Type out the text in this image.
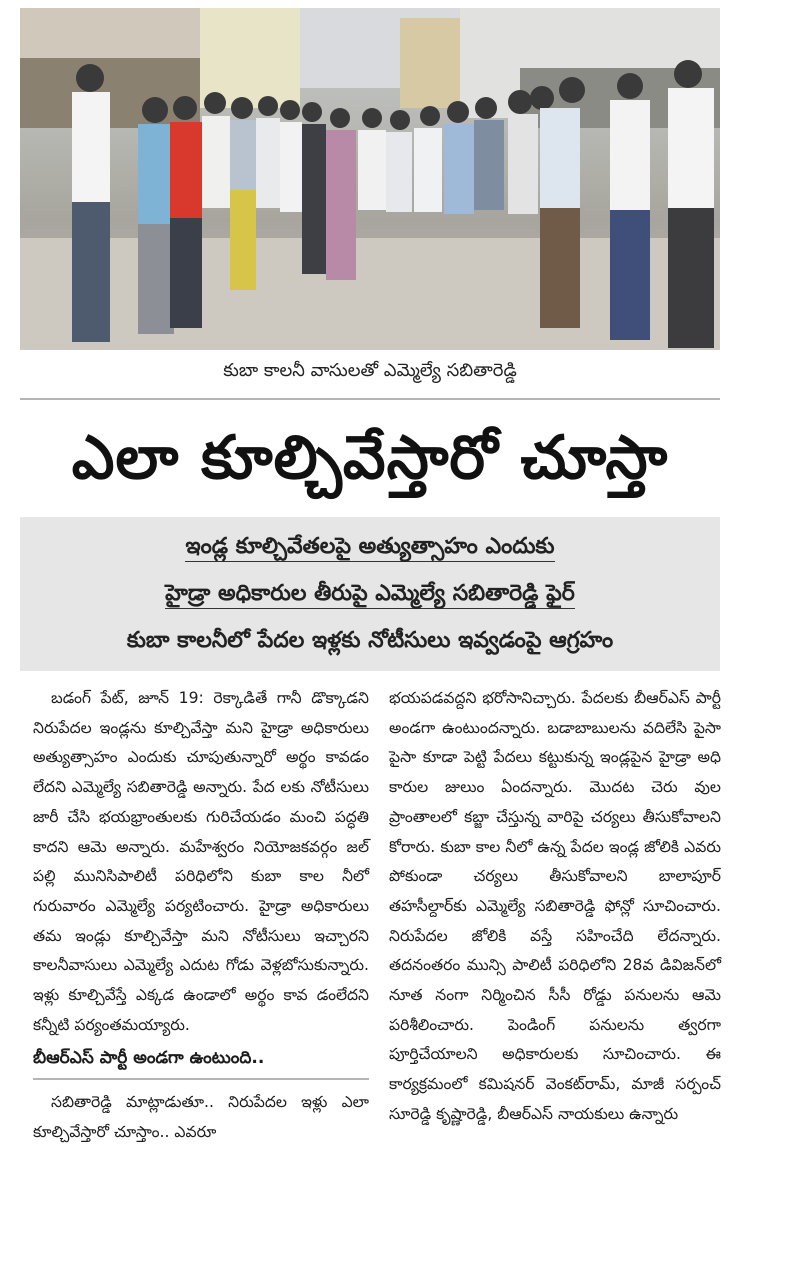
కుబా కాలనీ వాసులతో ఎమ్మెల్యే సబితారెడ్డి
ఎలా కూల్చివేస్తారో చూస్తా
ఇండ్ల కూల్చివేతలపై అత్యుత్సాహం ఎందుకు
హైడ్రా అధికారుల తీరుపై ఎమ్మెల్యే సబితారెడ్డి ఫైర్
కుబా కాలనీలో పేదల ఇళ్లకు నోటీసులు ఇవ్వడంపై ఆగ్రహం

బడంగ్ పేట్, జూన్ 19: రెక్కాడితే గానీ డొక్కాడని నిరుపేదల ఇండ్లను కూల్చివేస్తా మని హైడ్రా అధికారులు అత్యుత్సాహం ఎందుకు చూపుతున్నారో అర్థం కావడం లేదని ఎమ్మెల్యే సబితారెడ్డి అన్నారు. పేద లకు నోటీసులు జారీ చేసి భయభ్రాంతులకు గురిచేయడం మంచి పద్ధతి కాదని ఆమె అన్నారు. మహేశ్వరం నియోజకవర్గం జల్ పల్లి మునిసిపాలిటీ పరిధిలోని కుబా కాల నీలో గురువారం ఎమ్మెల్యే పర్యటించారు. హైడ్రా అధికారులు తమ ఇండ్లు కూల్చివేస్తా మని నోటీసులు ఇచ్చారని కాలనీవాసులు ఎమ్మెల్యే ఎదుట గోడు వెళ్లబోసుకున్నారు. ఇళ్లు కూల్చివేస్తే ఎక్కడ ఉండాలో అర్థం కావ డంలేదని కన్నీటి పర్యంతమయ్యారు.

బీఆర్ఎస్ పార్టీ అండగా ఉంటుంది..

సబితారెడ్డి మాట్లాడుతూ.. నిరుపేదల ఇళ్లు ఎలా కూల్చివేస్తారో చూస్తాం.. ఎవరూ

భయపడవద్దని భరోసానిచ్చారు. పేదలకు బీఆర్ఎస్ పార్టీ అండగా ఉంటుందన్నారు. బడాబాబులను వదిలేసి పైసా పైసా కూడా పెట్టి పేదలు కట్టుకున్న ఇండ్లపైన హైడ్రా అధి కారుల జులుం ఏందన్నారు. మొదట చెరు వుల ప్రాంతాలలో కబ్జా చేస్తున్న వారిపై చర్యలు తీసుకోవాలని కోరారు. కుబా కాల నీలో ఉన్న పేదల ఇండ్ల జోలికి ఎవరు పోకుండా చర్యలు తీసుకోవాలని బాలాపూర్ తహసీల్దార్‌కు ఎమ్మెల్యే సబితారెడ్డి ఫోన్లో సూచించారు. నిరుపేదల జోలికి వస్తే సహించేది లేదన్నారు. తదనంతరం మున్సి పాలిటీ పరిధిలోని 28వ డివిజన్‌లో నూత నంగా నిర్మించిన సీసీ రోడ్డు పనులను ఆమె పరిశీలించారు. పెండింగ్ పనులను త్వరగా పూర్తిచేయాలని అధికారులకు సూచించారు. ఈ కార్యక్రమంలో కమిషనర్ వెంకట్‌రామ్, మాజీ సర్పంచ్ సూరెడ్డి కృష్ణారెడ్డి, బీఆర్ఎస్ నాయకులు ఉన్నారు
